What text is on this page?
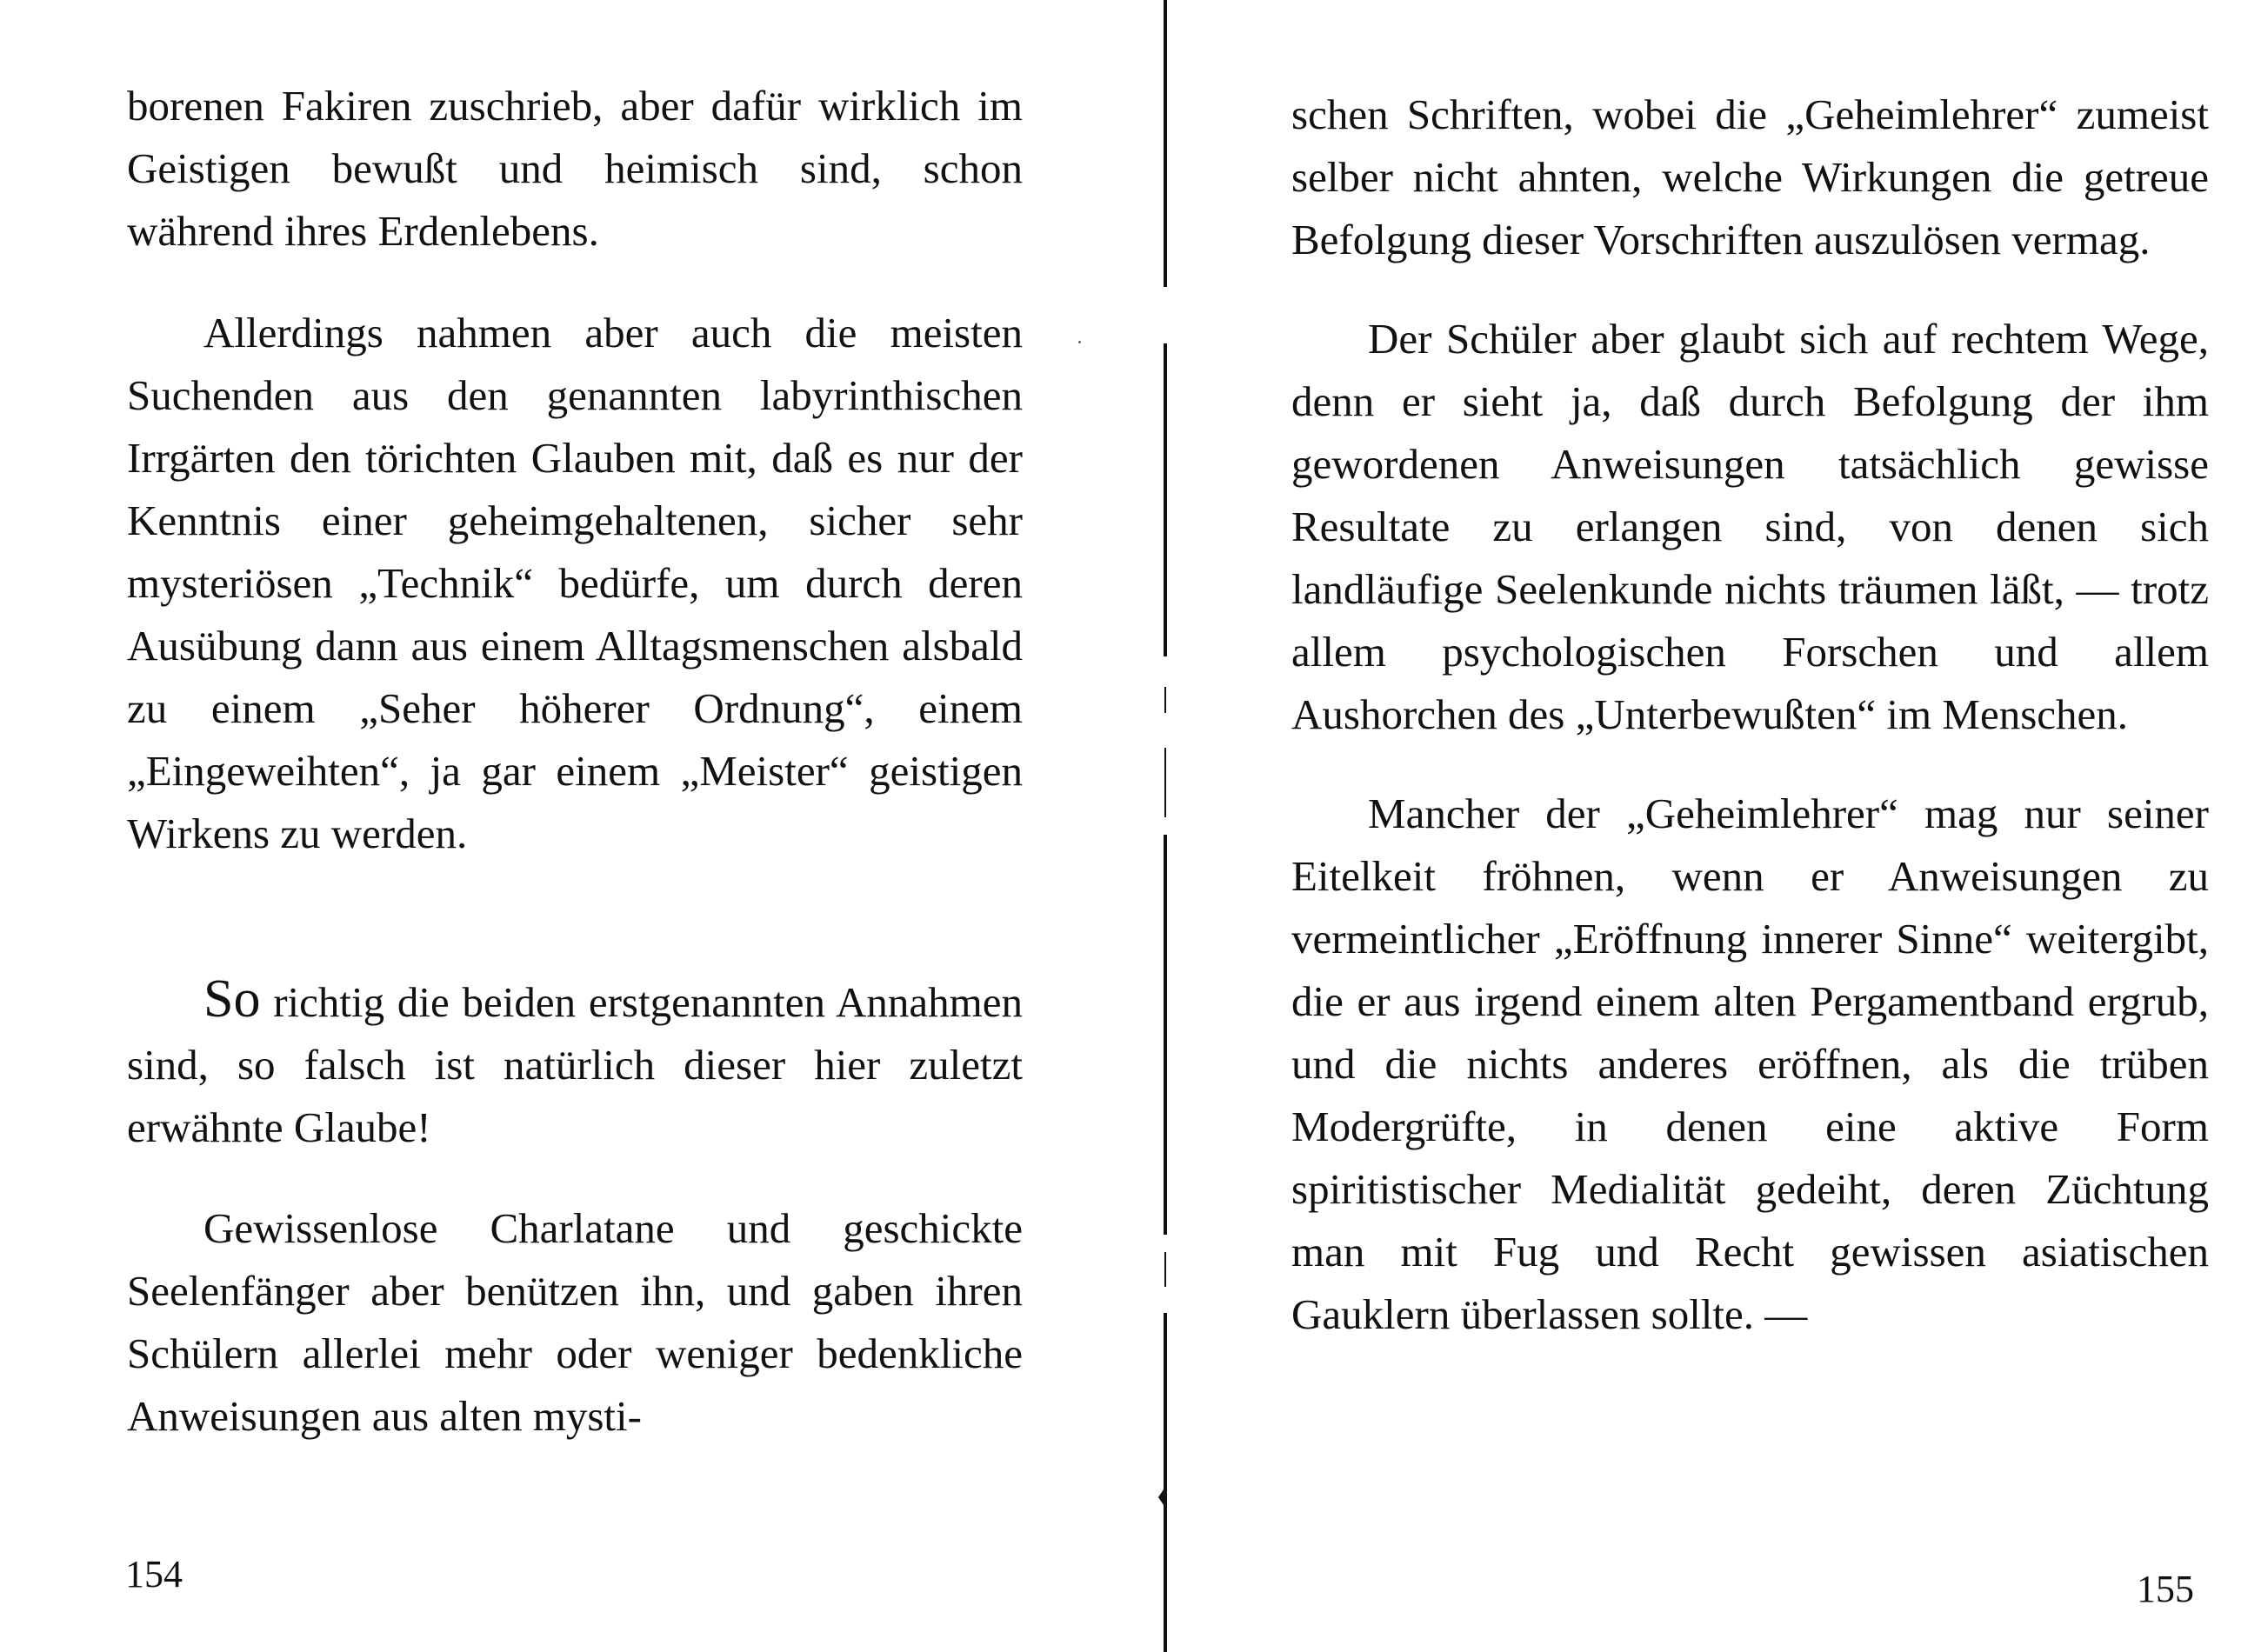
borenen Fakiren zuschrieb, aber dafür wirklich im Geistigen bewußt und heimisch sind, schon während ihres Erdenlebens.

Allerdings nahmen aber auch die meisten Suchenden aus den genannten labyrinthischen Irrgärten den törichten Glauben mit, daß es nur der Kenntnis einer geheimgehaltenen, sicher sehr mysteriösen „Technik“ bedürfe, um durch deren Ausübung dann aus einem Alltagsmenschen alsbald zu einem „Seher höherer Ordnung“, einem „Eingeweihten“, ja gar einem „Meister“ geistigen Wirkens zu werden.

So richtig die beiden erstgenannten Annahmen sind, so falsch ist natürlich dieser hier zuletzt erwähnte Glaube!

Gewissenlose Charlatane und geschickte Seelenfänger aber benützen ihn, und gaben ihren Schülern allerlei mehr oder weniger bedenkliche Anweisungen aus alten mysti-

154

schen Schriften, wobei die „Geheimlehrer“ zumeist selber nicht ahnten, welche Wirkungen die getreue Befolgung dieser Vorschriften auszulösen vermag.

Der Schüler aber glaubt sich auf rechtem Wege, denn er sieht ja, daß durch Befolgung der ihm gewordenen Anweisungen tatsächlich gewisse Resultate zu erlangen sind, von denen sich landläufige Seelenkunde nichts träumen läßt, — trotz allem psychologischen Forschen und allem Aushorchen des „Unterbewußten“ im Menschen.

Mancher der „Geheimlehrer“ mag nur seiner Eitelkeit fröhnen, wenn er Anweisungen zu vermeintlicher „Eröffnung innerer Sinne“ weitergibt, die er aus irgend einem alten Pergamentband ergrub, und die nichts anderes eröffnen, als die trüben Modergrüfte, in denen eine aktive Form spiritistischer Medialität gedeiht, deren Züchtung man mit Fug und Recht gewissen asiatischen Gauklern überlassen sollte. —

155
